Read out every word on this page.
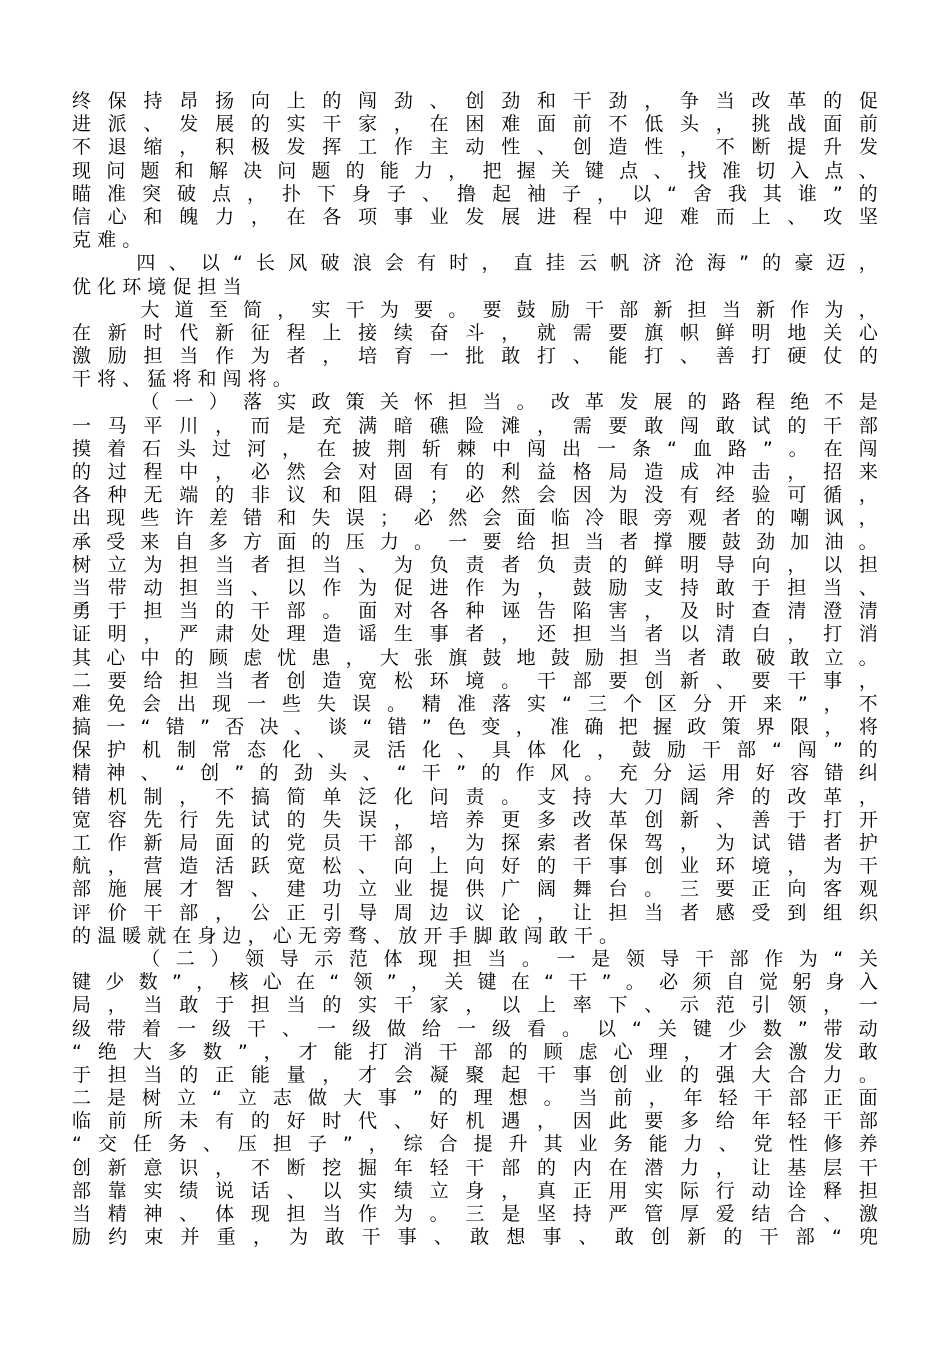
终 保 持 昂 扬 向 上 的 闯 劲 、 创 劲 和 干 劲 ， 争 当 改 革 的 促
进 派 、 发 展 的 实 干 家 ， 在 困 难 面 前 不 低 头 ， 挑 战 面 前
不 退 缩 ， 积 极 发 挥 工 作 主 动 性 、 创 造 性 ， 不 断 提 升 发
现 问 题 和 解 决 问 题 的 能 力 ， 把 握 关 键 点 、 找 准 切 入 点 、
瞄 准 突 破 点 ， 扑 下 身 子 、 撸 起 袖 子 ， 以 “ 舍 我 其 谁 ” 的
信 心 和 魄 力 ， 在 各 项 事 业 发 展 进 程 中 迎 难 而 上 、 攻 坚
克 难 。

四 、 以 “ 长 风 破 浪 会 有 时 ， 直 挂 云 帆 济 沧 海 ” 的 豪 迈 ，
优 化 环 境 促 担 当

大 道 至 简 ， 实 干 为 要 。 要 鼓 励 干 部 新 担 当 新 作 为 ，
在 新 时 代 新 征 程 上 接 续 奋 斗 ， 就 需 要 旗 帜 鲜 明 地 关 心
激 励 担 当 作 为 者 ， 培 育 一 批 敢 打 、 能 打 、 善 打 硬 仗 的
干 将 、 猛 将 和 闯 将 。

（ 一 ） 落 实 政 策 关 怀 担 当 。 改 革 发 展 的 路 程 绝 不 是
一 马 平 川 ， 而 是 充 满 暗 礁 险 滩 ， 需 要 敢 闯 敢 试 的 干 部
摸 着 石 头 过 河 ， 在 披 荆 斩 棘 中 闯 出 一 条 “ 血 路 ” 。 在 闯
的 过 程 中 ， 必 然 会 对 固 有 的 利 益 格 局 造 成 冲 击 ， 招 来
各 种 无 端 的 非 议 和 阻 碍 ； 必 然 会 因 为 没 有 经 验 可 循 ，
出 现 些 许 差 错 和 失 误 ； 必 然 会 面 临 冷 眼 旁 观 者 的 嘲 讽 ，
承 受 来 自 多 方 面 的 压 力 。 一 要 给 担 当 者 撑 腰 鼓 劲 加 油 。
树 立 为 担 当 者 担 当 、 为 负 责 者 负 责 的 鲜 明 导 向 ， 以 担
当 带 动 担 当 、 以 作 为 促 进 作 为 ， 鼓 励 支 持 敢 于 担 当 、
勇 于 担 当 的 干 部 。 面 对 各 种 诬 告 陷 害 ， 及 时 查 清 澄 清
证 明 ， 严 肃 处 理 造 谣 生 事 者 ， 还 担 当 者 以 清 白 ， 打 消
其 心 中 的 顾 虑 忧 患 ， 大 张 旗 鼓 地 鼓 励 担 当 者 敢 破 敢 立 。
二 要 给 担 当 者 创 造 宽 松 环 境 。 干 部 要 创 新 、 要 干 事 ，
难 免 会 出 现 一 些 失 误 。 精 准 落 实 “ 三 个 区 分 开 来 ” ， 不
搞 一 “ 错 ” 否 决 、 谈 “ 错 ” 色 变 ， 准 确 把 握 政 策 界 限 ， 将
保 护 机 制 常 态 化 、 灵 活 化 、 具 体 化 ， 鼓 励 干 部 “ 闯 ” 的
精 神 、 “ 创 ” 的 劲 头 、 “ 干 ” 的 作 风 。 充 分 运 用 好 容 错 纠
错 机 制 ， 不 搞 简 单 泛 化 问 责 。 支 持 大 刀 阔 斧 的 改 革 ，
宽 容 先 行 先 试 的 失 误 ， 培 养 更 多 改 革 创 新 、 善 于 打 开
工 作 新 局 面 的 党 员 干 部 ， 为 探 索 者 保 驾 ， 为 试 错 者 护
航 ， 营 造 活 跃 宽 松 、 向 上 向 好 的 干 事 创 业 环 境 ， 为 干
部 施 展 才 智 、 建 功 立 业 提 供 广 阔 舞 台 。 三 要 正 向 客 观
评 价 干 部 ， 公 正 引 导 周 边 议 论 ， 让 担 当 者 感 受 到 组 织
的 温 暖 就 在 身 边 ， 心 无 旁 骛 、 放 开 手 脚 敢 闯 敢 干 。

（ 二 ） 领 导 示 范 体 现 担 当 。 一 是 领 导 干 部 作 为 “ 关
键 少 数 ” ， 核 心 在 “ 领 ” ， 关 键 在 “ 干 ” 。 必 须 自 觉 躬 身 入
局 ， 当 敢 于 担 当 的 实 干 家 ， 以 上 率 下 、 示 范 引 领 ， 一
级 带 着 一 级 干 、 一 级 做 给 一 级 看 。 以 “ 关 键 少 数 ” 带 动
“ 绝 大 多 数 ” ， 才 能 打 消 干 部 的 顾 虑 心 理 ， 才 会 激 发 敢
于 担 当 的 正 能 量 ， 才 会 凝 聚 起 干 事 创 业 的 强 大 合 力 。
二 是 树 立 “ 立 志 做 大 事 ” 的 理 想 。 当 前 ， 年 轻 干 部 正 面
临 前 所 未 有 的 好 时 代 、 好 机 遇 ， 因 此 要 多 给 年 轻 干 部
“ 交 任 务 、 压 担 子 ” ， 综 合 提 升 其 业 务 能 力 、 党 性 修 养
创 新 意 识 ， 不 断 挖 掘 年 轻 干 部 的 内 在 潜 力 ， 让 基 层 干
部 靠 实 绩 说 话 、 以 实 绩 立 身 ， 真 正 用 实 际 行 动 诠 释 担
当 精 神 、 体 现 担 当 作 为 。 三 是 坚 持 严 管 厚 爱 结 合 、 激
励 约 束 并 重 ， 为 敢 干 事 、 敢 想 事 、 敢 创 新 的 干 部 “ 兜
